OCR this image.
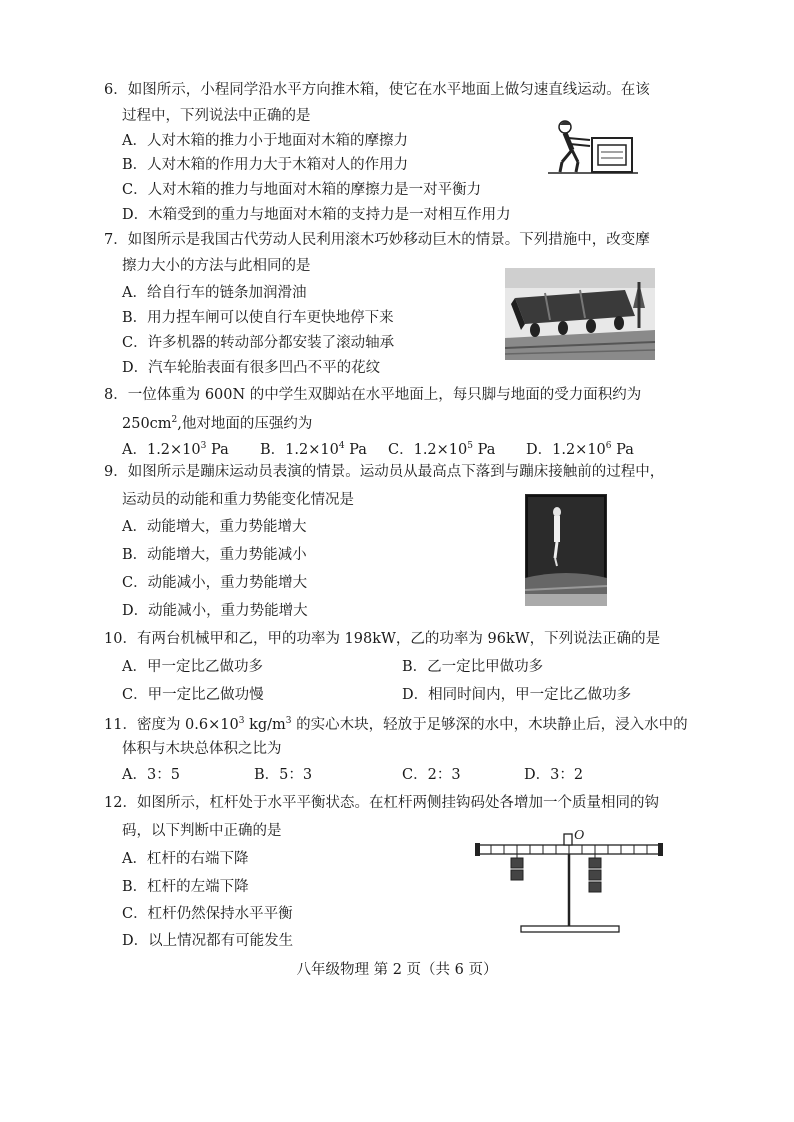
6．如图所示，小程同学沿水平方向推木箱，使它在水平地面上做匀速直线运动。在该
过程中，下列说法中正确的是
A．人对木箱的推力小于地面对木箱的摩擦力
B．人对木箱的作用力大于木箱对人的作用力
C．人对木箱的推力与地面对木箱的摩擦力是一对平衡力
D．木箱受到的重力与地面对木箱的支持力是一对相互作用力
7．如图所示是我国古代劳动人民利用滚木巧妙移动巨木的情景。下列措施中，改变摩
擦力大小的方法与此相同的是
A．给自行车的链条加润滑油
B．用力捏车闸可以使自行车更快地停下来
C．许多机器的转动部分都安装了滚动轴承
D．汽车轮胎表面有很多凹凸不平的花纹
8．一位体重为 600N 的中学生双脚站在水平地面上，每只脚与地面的受力面积约为
$250cm^2$,他对地面的压强约为
A．$1.2\times 10^3$ Pa B．$1.2\times 10^4$ Pa C．$1.2\times 10^5$ Pa D．$1.2\times 10^6$ Pa
9．如图所示是蹦床运动员表演的情景。运动员从最高点下落到与蹦床接触前的过程中，
运动员的动能和重力势能变化情况是
A．动能增大，重力势能增大
B．动能增大，重力势能减小
C．动能减小，重力势能增大
D．动能减小，重力势能增大
10．有两台机械甲和乙，甲的功率为 198kW，乙的功率为 96kW，下列说法正确的是
A．甲一定比乙做功多	B．乙一定比甲做功多
C．甲一定比乙做功慢	D．相同时间内，甲一定比乙做功多
11．密度为 $0.6\times 10^3$ $kg/m^3$ 的实心木块，轻放于足够深的水中，木块静止后，浸入水中的
体积与木块总体积之比为
A．3：5	B．5：3	C．2：3	D．3：2
12．如图所示，杠杆处于水平平衡状态。在杠杆两侧挂钩码处各增加一个质量相同的钩
码，以下判断中正确的是
A．杠杆的右端下降
B．杠杆的左端下降
C．杠杆仍然保持水平平衡
D．以上情况都有可能发生
O
八年级物理 第 2 页（共 6 页）
